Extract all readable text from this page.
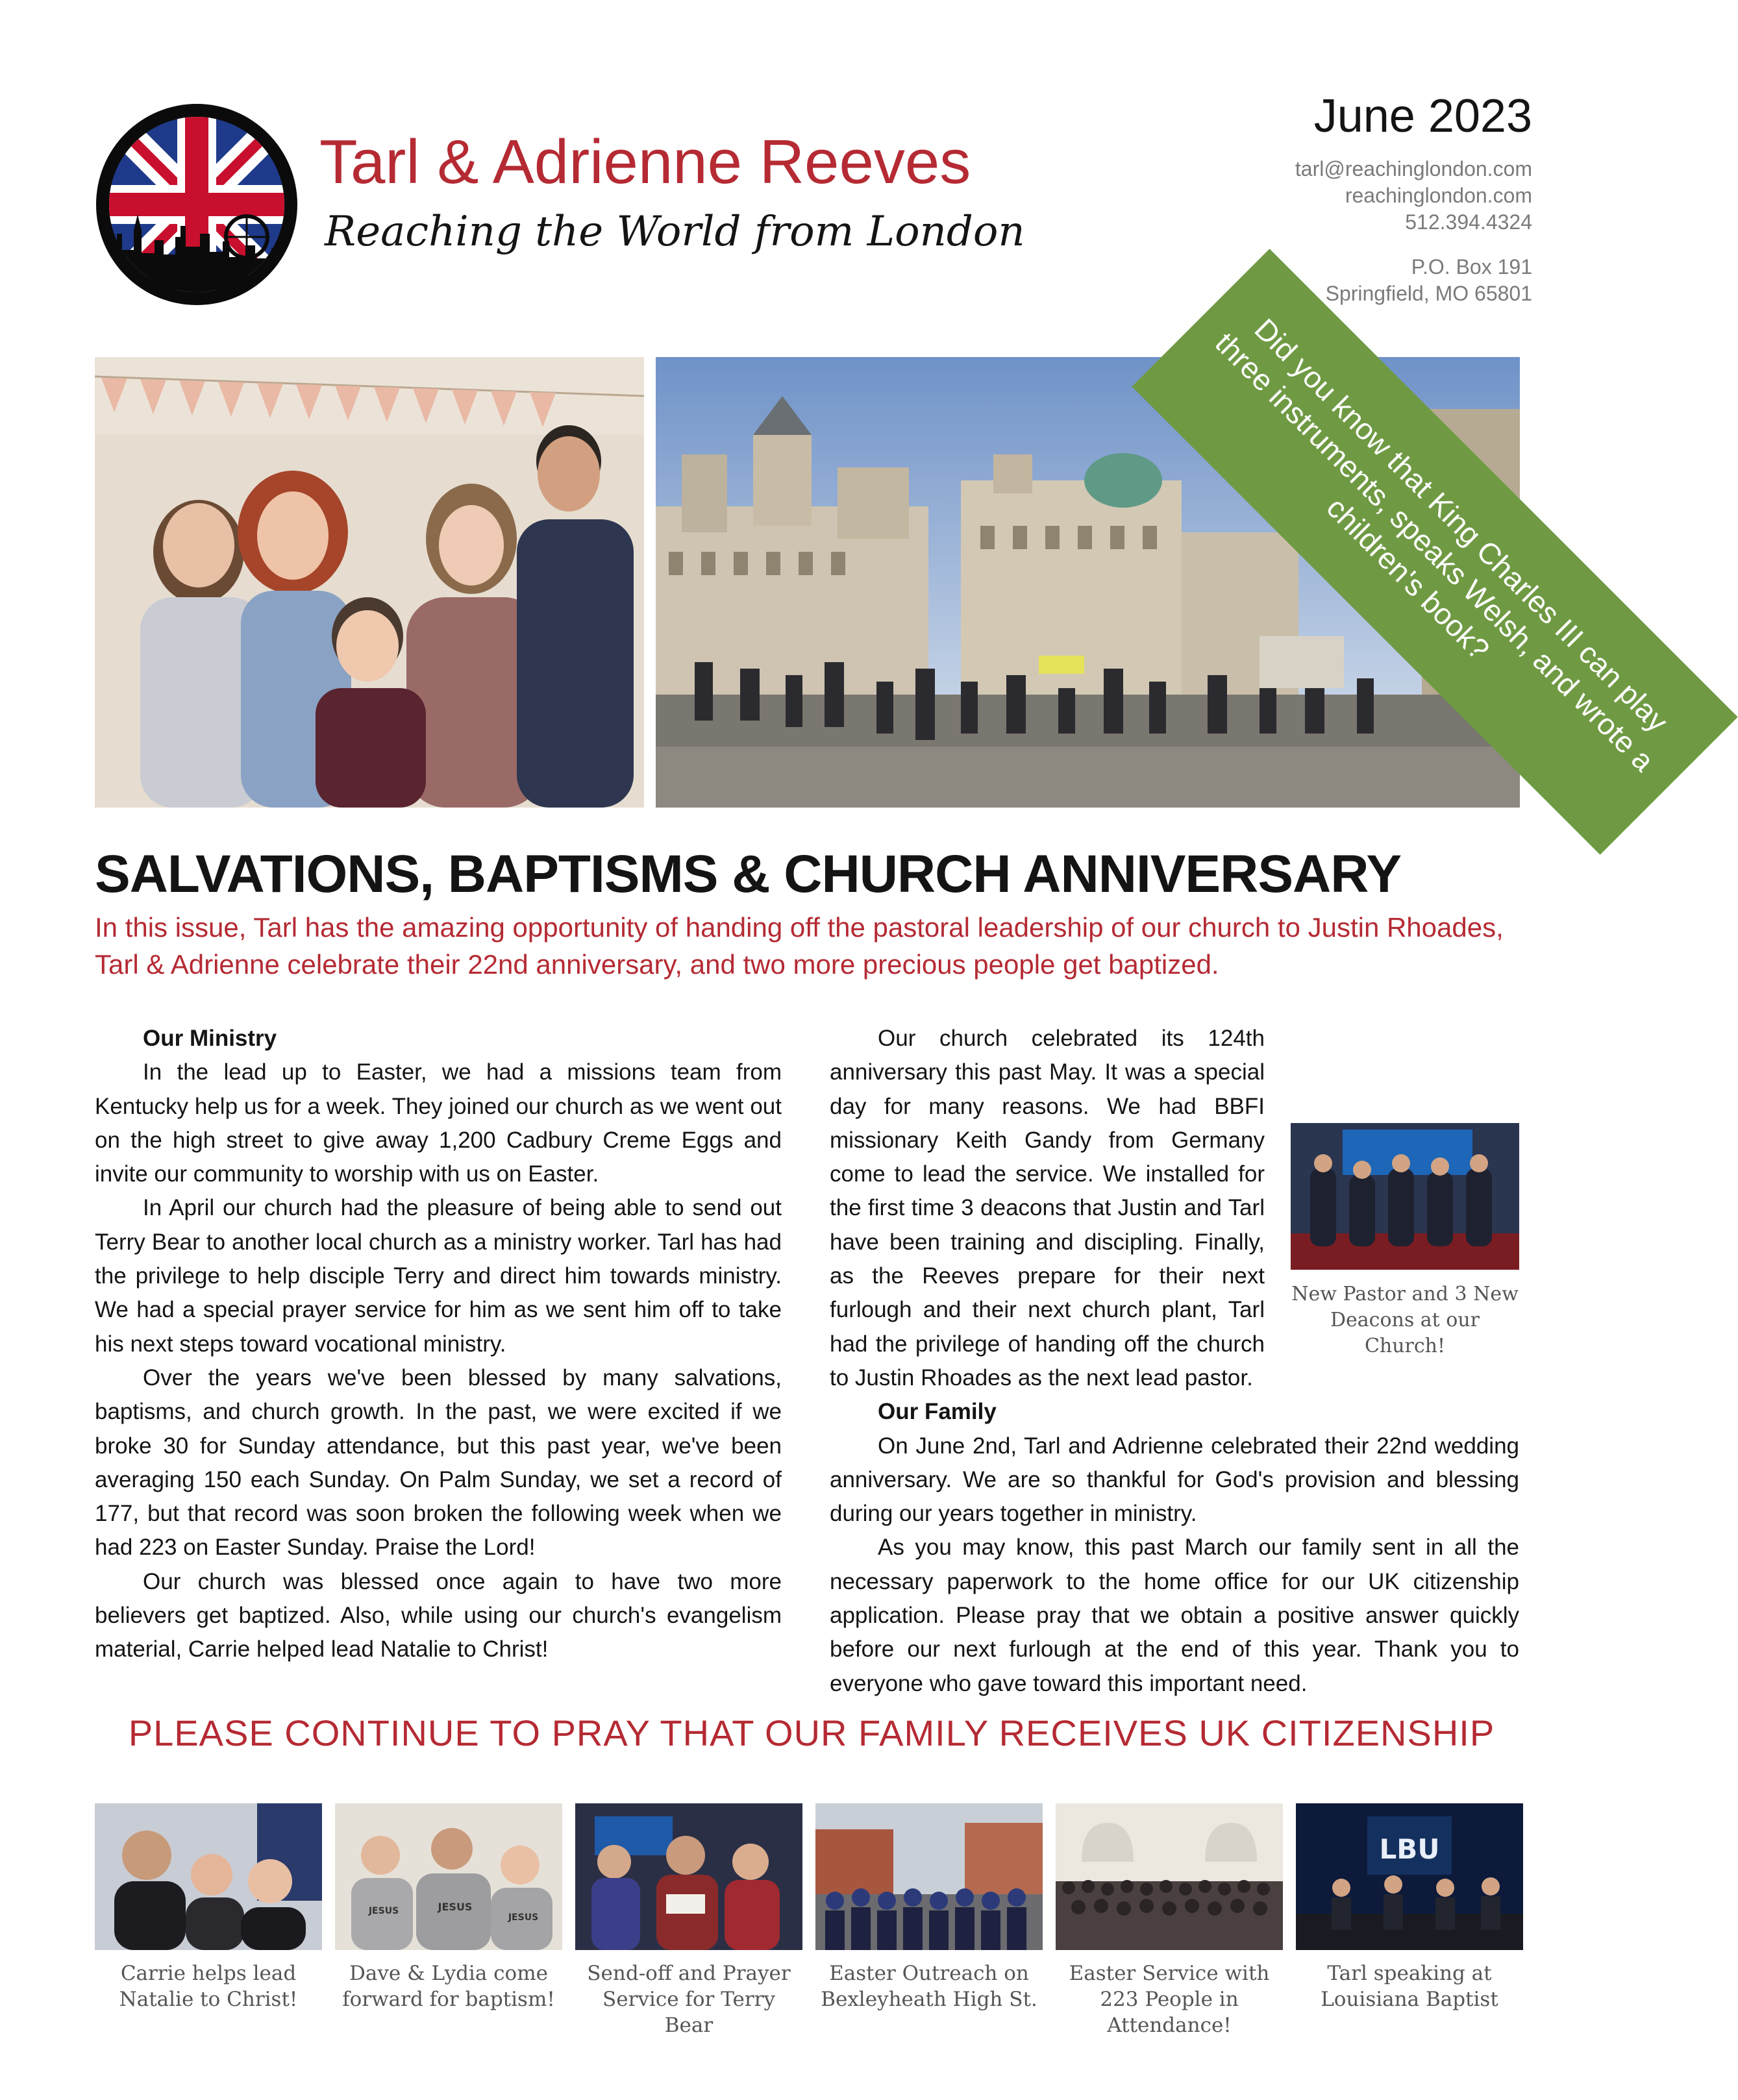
Tarl & Adrienne Reeves
Reaching the World from London
June 2023
tarl@reachinglondon.com
reachinglondon.com
512.394.4324
P.O. Box 191
Springfield, MO 65801
Did you know that King Charles III can play three instruments, speaks Welsh, and wrote a children's book?
SALVATIONS, BAPTISMS & CHURCH ANNIVERSARY
In this issue, Tarl has the amazing opportunity of handing off the pastoral leadership of our church to Justin Rhoades, Tarl & Adrienne celebrate their 22nd anniversary, and two more precious people get baptized.
Our Ministry

In the lead up to Easter, we had a missions team from Kentucky help us for a week. They joined our church as we went out on the high street to give away 1,200 Cadbury Creme Eggs and invite our community to worship with us on Easter.

In April our church had the pleasure of being able to send out Terry Bear to another local church as a ministry worker. Tarl has had the privilege to help disciple Terry and direct him towards ministry. We had a special prayer service for him as we sent him off to take his next steps toward vocational ministry.

Over the years we've been blessed by many salvations, baptisms, and church growth. In the past, we were excited if we broke 30 for Sunday attendance, but this past year, we've been averaging 150 each Sunday. On Palm Sunday, we set a record of 177, but that record was soon broken the following week when we had 223 on Easter Sunday. Praise the Lord!

Our church was blessed once again to have two more believers get baptized. Also, while using our church's evangelism material, Carrie helped lead Natalie to Christ!

New Pastor and 3 New Deacons at our Church!
Our church celebrated its 124th anniversary this past May. It was a special day for many reasons. We had BBFI missionary Keith Gandy from Germany come to lead the service. We installed for the first time 3 deacons that Justin and Tarl have been training and discipling. Finally, as the Reeves prepare for their next furlough and their next church plant, Tarl had the privilege of handing off the church to Justin Rhoades as the next lead pastor.

Our Family

On June 2nd, Tarl and Adrienne celebrated their 22nd wedding anniversary. We are so thankful for God's provision and blessing during our years together in ministry.

As you may know, this past March our family sent in all the necessary paperwork to the home office for our UK citizenship application. Please pray that we obtain a positive answer quickly before our next furlough at the end of this year. Thank you to everyone who gave toward this important need.

PLEASE CONTINUE TO PRAY THAT OUR FAMILY RECEIVES UK CITIZENSHIP
Carrie helps lead Natalie to Christ!
JESUS	JESUS
JESUS
Dave & Lydia come forward for baptism!
Send-off and Prayer Service for Terry Bear
Easter Outreach on Bexleyheath High St.
Easter Service with 223 People in Attendance!
LBU
Tarl speaking at Louisiana Baptist
